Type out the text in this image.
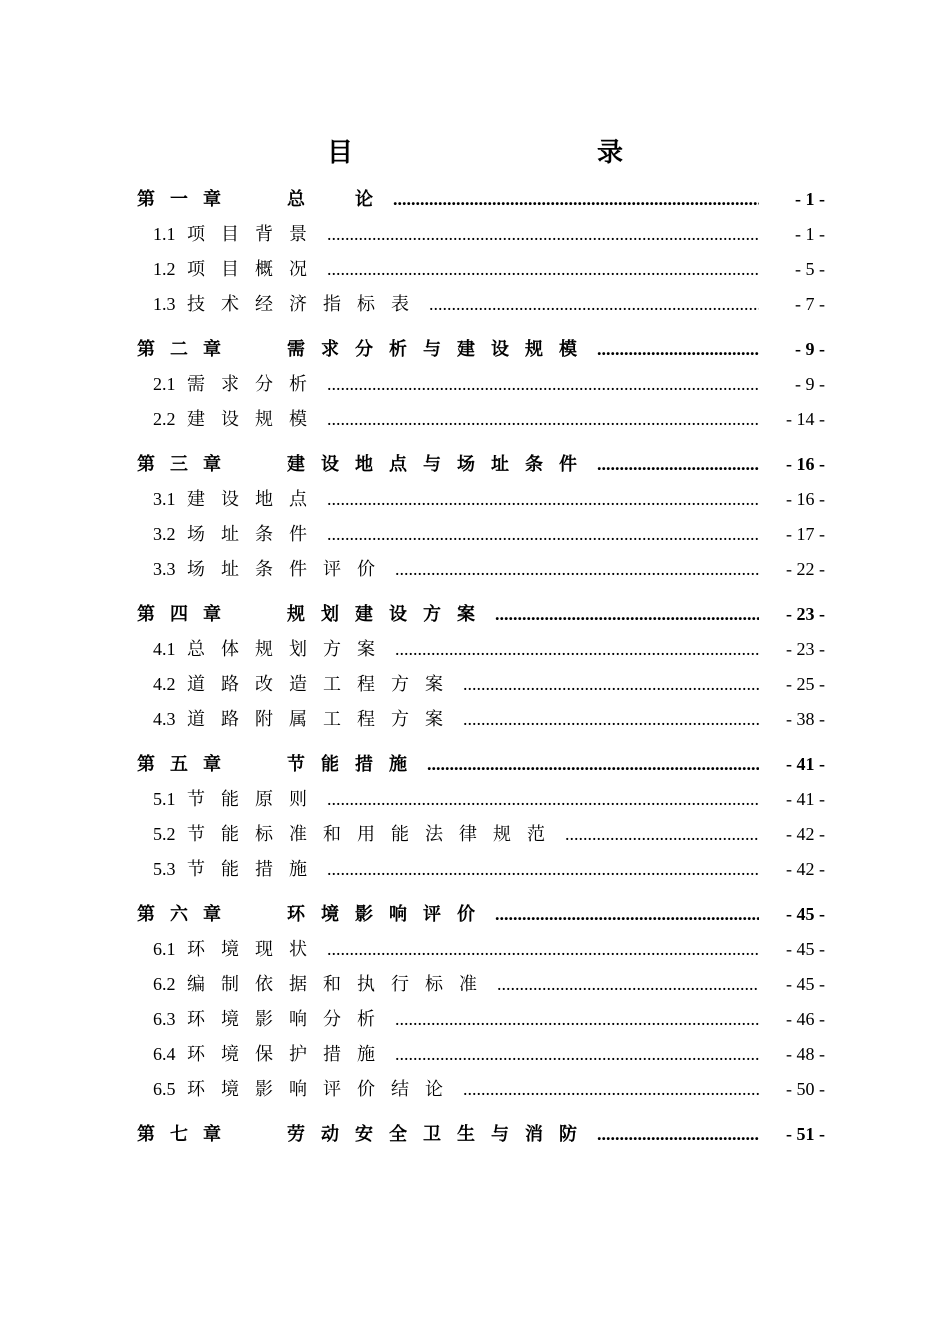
目　　录
第一章	总　论 .....	- 1 -
1.1 项目背景 .....	- 1 -
1.2 项目概况 .....	- 5 -
1.3 技术经济指标表 .....	- 7 -
第二章	需求分析与建设规模 .....	- 9 -
2.1 需求分析 .....	- 9 -
2.2 建设规模 .....	- 14 -
第三章	建设地点与场址条件 .....	- 16 -
3.1 建设地点 .....	- 16 -
3.2 场址条件 .....	- 17 -
3.3 场址条件评价 .....	- 22 -
第四章	规划建设方案 .....	- 23 -
4.1 总体规划方案 .....	- 23 -
4.2 道路改造工程方案 .....	- 25 -
4.3 道路附属工程方案 .....	- 38 -
第五章	节能措施 .....	- 41 -
5.1 节能原则 .....	- 41 -
5.2 节能标准和用能法律规范 .....	- 42 -
5.3 节能措施 .....	- 42 -
第六章	环境影响评价 .....	- 45 -
6.1 环境现状 .....	- 45 -
6.2 编制依据和执行标准 .....	- 45 -
6.3 环境影响分析 .....	- 46 -
6.4 环境保护措施 .....	- 48 -
6.5 环境影响评价结论 .....	- 50 -
第七章	劳动安全卫生与消防 .....	- 51 -
